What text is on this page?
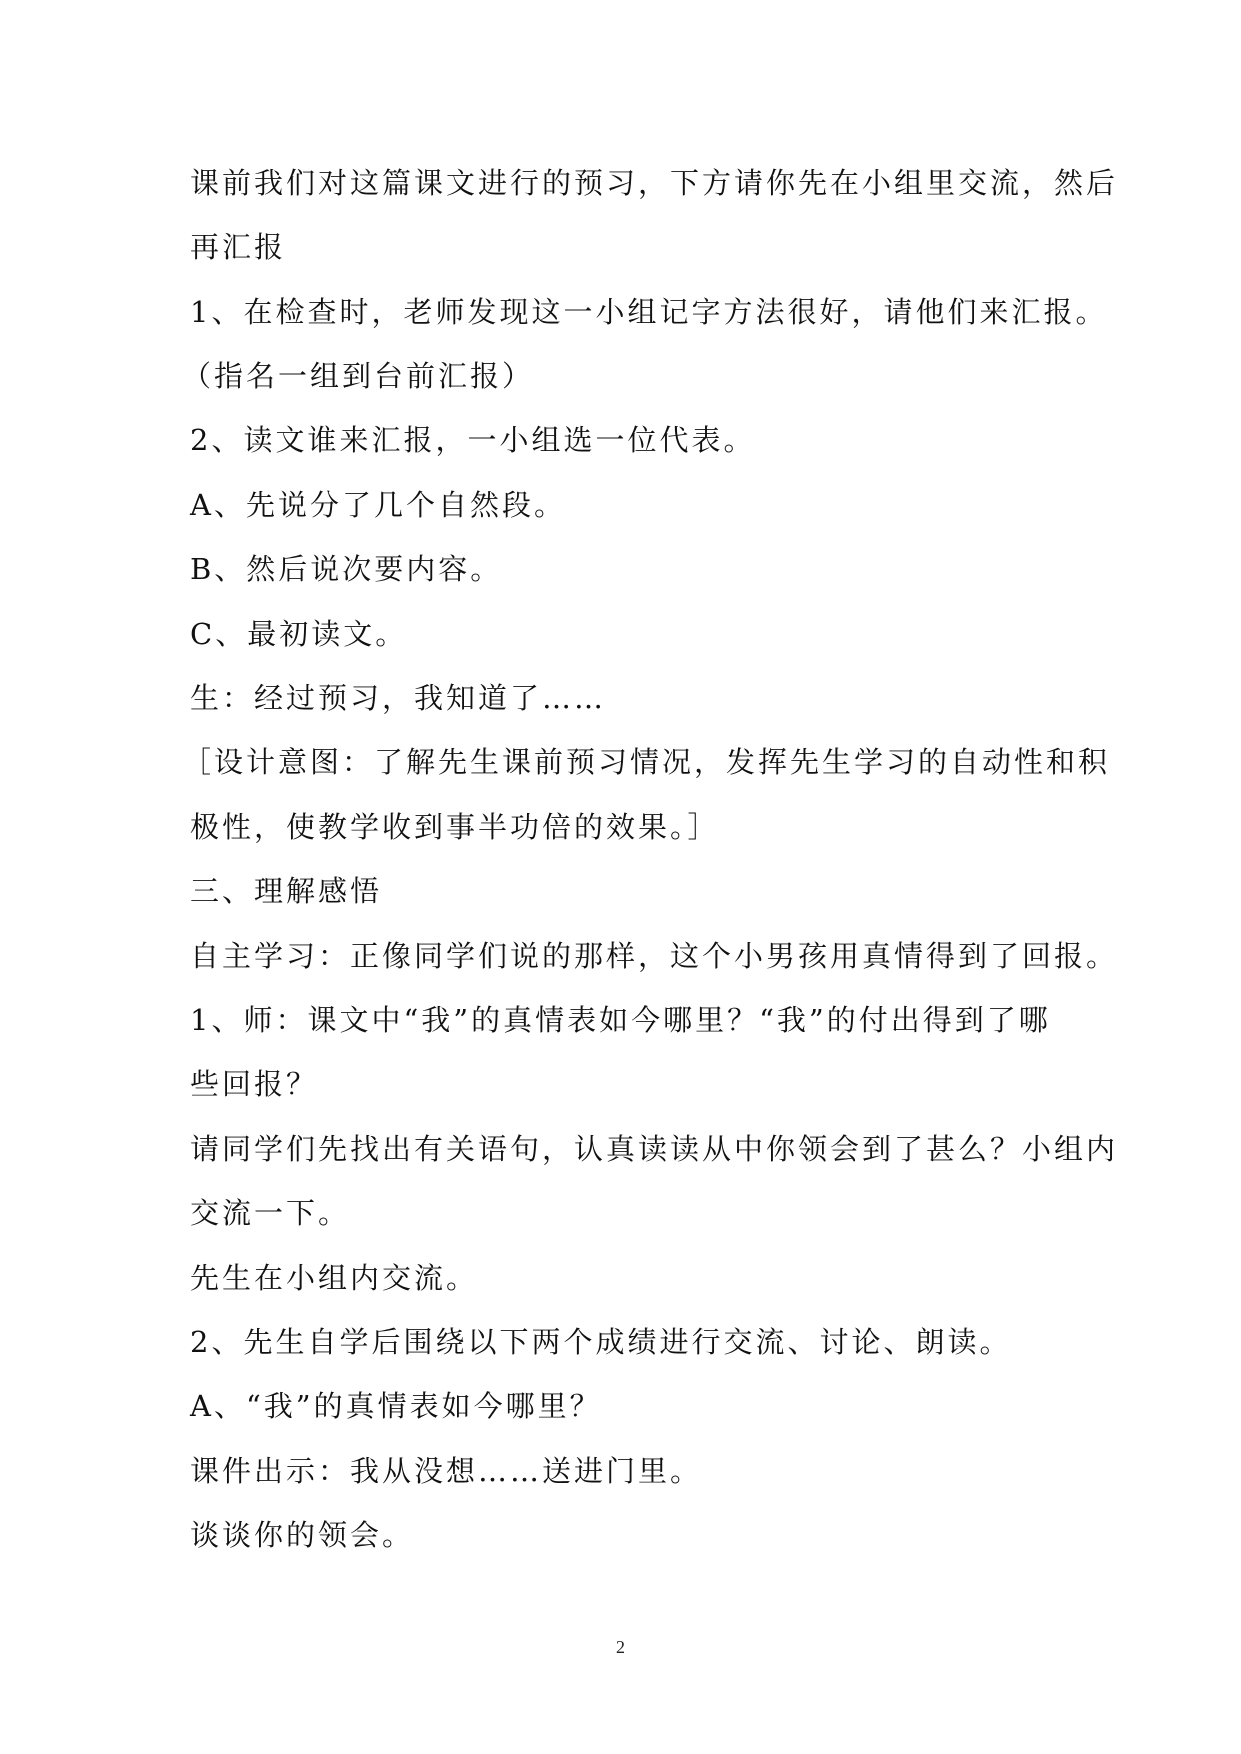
课前我们对这篇课文进行的预习，下方请你先在小组里交流，然后
再汇报
1、在检查时，老师发现这一小组记字方法很好，请他们来汇报。
（指名一组到台前汇报）
2、读文谁来汇报，一小组选一位代表。
A、先说分了几个自然段。
B、然后说次要内容。
C、最初读文。
生：经过预习，我知道了……
［设计意图：了解先生课前预习情况，发挥先生学习的自动性和积
极性，使教学收到事半功倍的效果。］
三、理解感悟
自主学习：正像同学们说的那样，这个小男孩用真情得到了回报。
1、师：课文中“我”的真情表如今哪里？“我”的付出得到了哪
些回报？
请同学们先找出有关语句，认真读读从中你领会到了甚么？小组内
交流一下。
先生在小组内交流。
2、先生自学后围绕以下两个成绩进行交流、讨论、朗读。
A、“我”的真情表如今哪里？
课件出示：我从没想……送进门里。
谈谈你的领会。
2
